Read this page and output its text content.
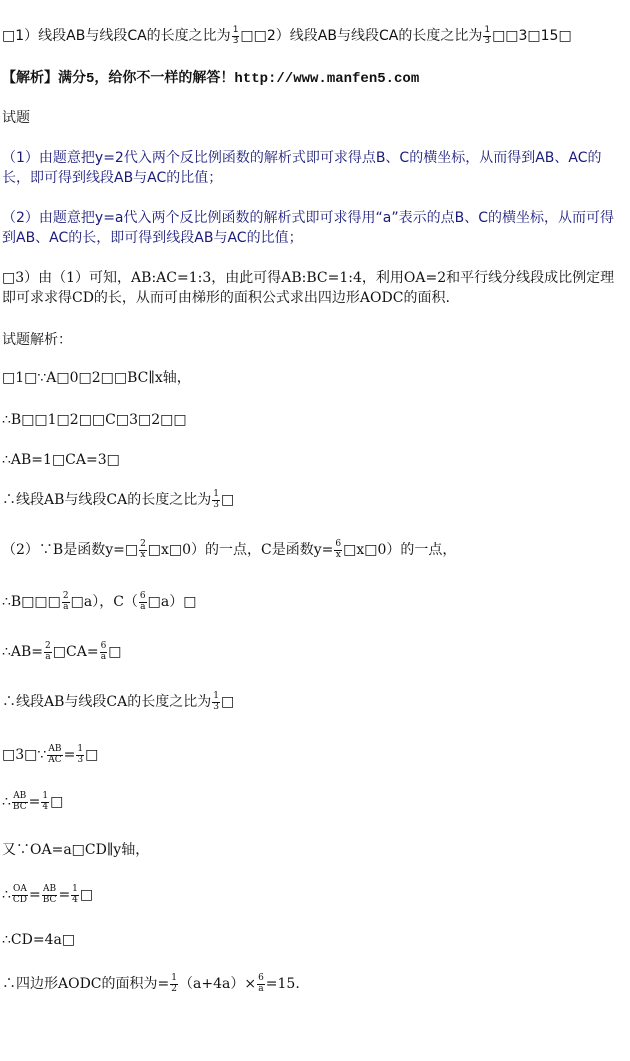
□1）线段AB与线段CA的长度之比为 $\frac{1}{3}$ □□2）线段AB与线段CA的长度之比为 $\frac{1}{3}$ □□3□15□
【解析】满分5，给你不一样的解答！http://www.manfen5.com
试题
（1）由题意把y=2代入两个反比例函数的解析式即可求得点B、C的横坐标，从而得到AB、AC的长，即可得到线段AB与AC的比值；
（2）由题意把y=a代入两个反比例函数的解析式即可求得用“a”表示的点B、C的横坐标，从而可得到AB、AC的长，即可得到线段AB与AC的比值；
□3）由（1）可知，AB:AC=1:3，由此可得AB:BC=1:4，利用OA=2和平行线分线段成比例定理即可求求得CD的长，从而可由梯形的面积公式求出四边形AODC的面积.
试题解析：
□1□∵A□0□2□□BC∥x轴，
∴B□□1□2□□C□3□2□□
∴AB=1□CA=3□
∴线段AB与线段CA的长度之比为 $\frac{1}{3}$ □
（2）∵B是函数y=□ $\frac{2}{x}$ □x□0）的一点，C是函数$y= \frac{6}{x}$ □x□0）的一点，
∴B□□□ $\frac{2}{a}$ □a），$C( \frac{6}{a}$ □a）□
∴AB= $\frac{2}{a}$ □CA= $\frac{6}{a}$ □
∴线段AB与线段CA的长度之比为 $\frac{1}{3}$ □
□3□∵ $\frac{AB}{AC} = \frac{1}{3}$ □
∴ $\frac{AB}{BC} = \frac{1}{4}$ □
又∵OA=a□CD∥y轴，
∴ $\frac{OA}{CD} = \frac{AB}{BC} = \frac{1}{4}$ □
∴CD=4a□
∴四边形AODC的面积为= $\frac{1}{2} (a+4a)\times \frac{6}{a} =15$.
